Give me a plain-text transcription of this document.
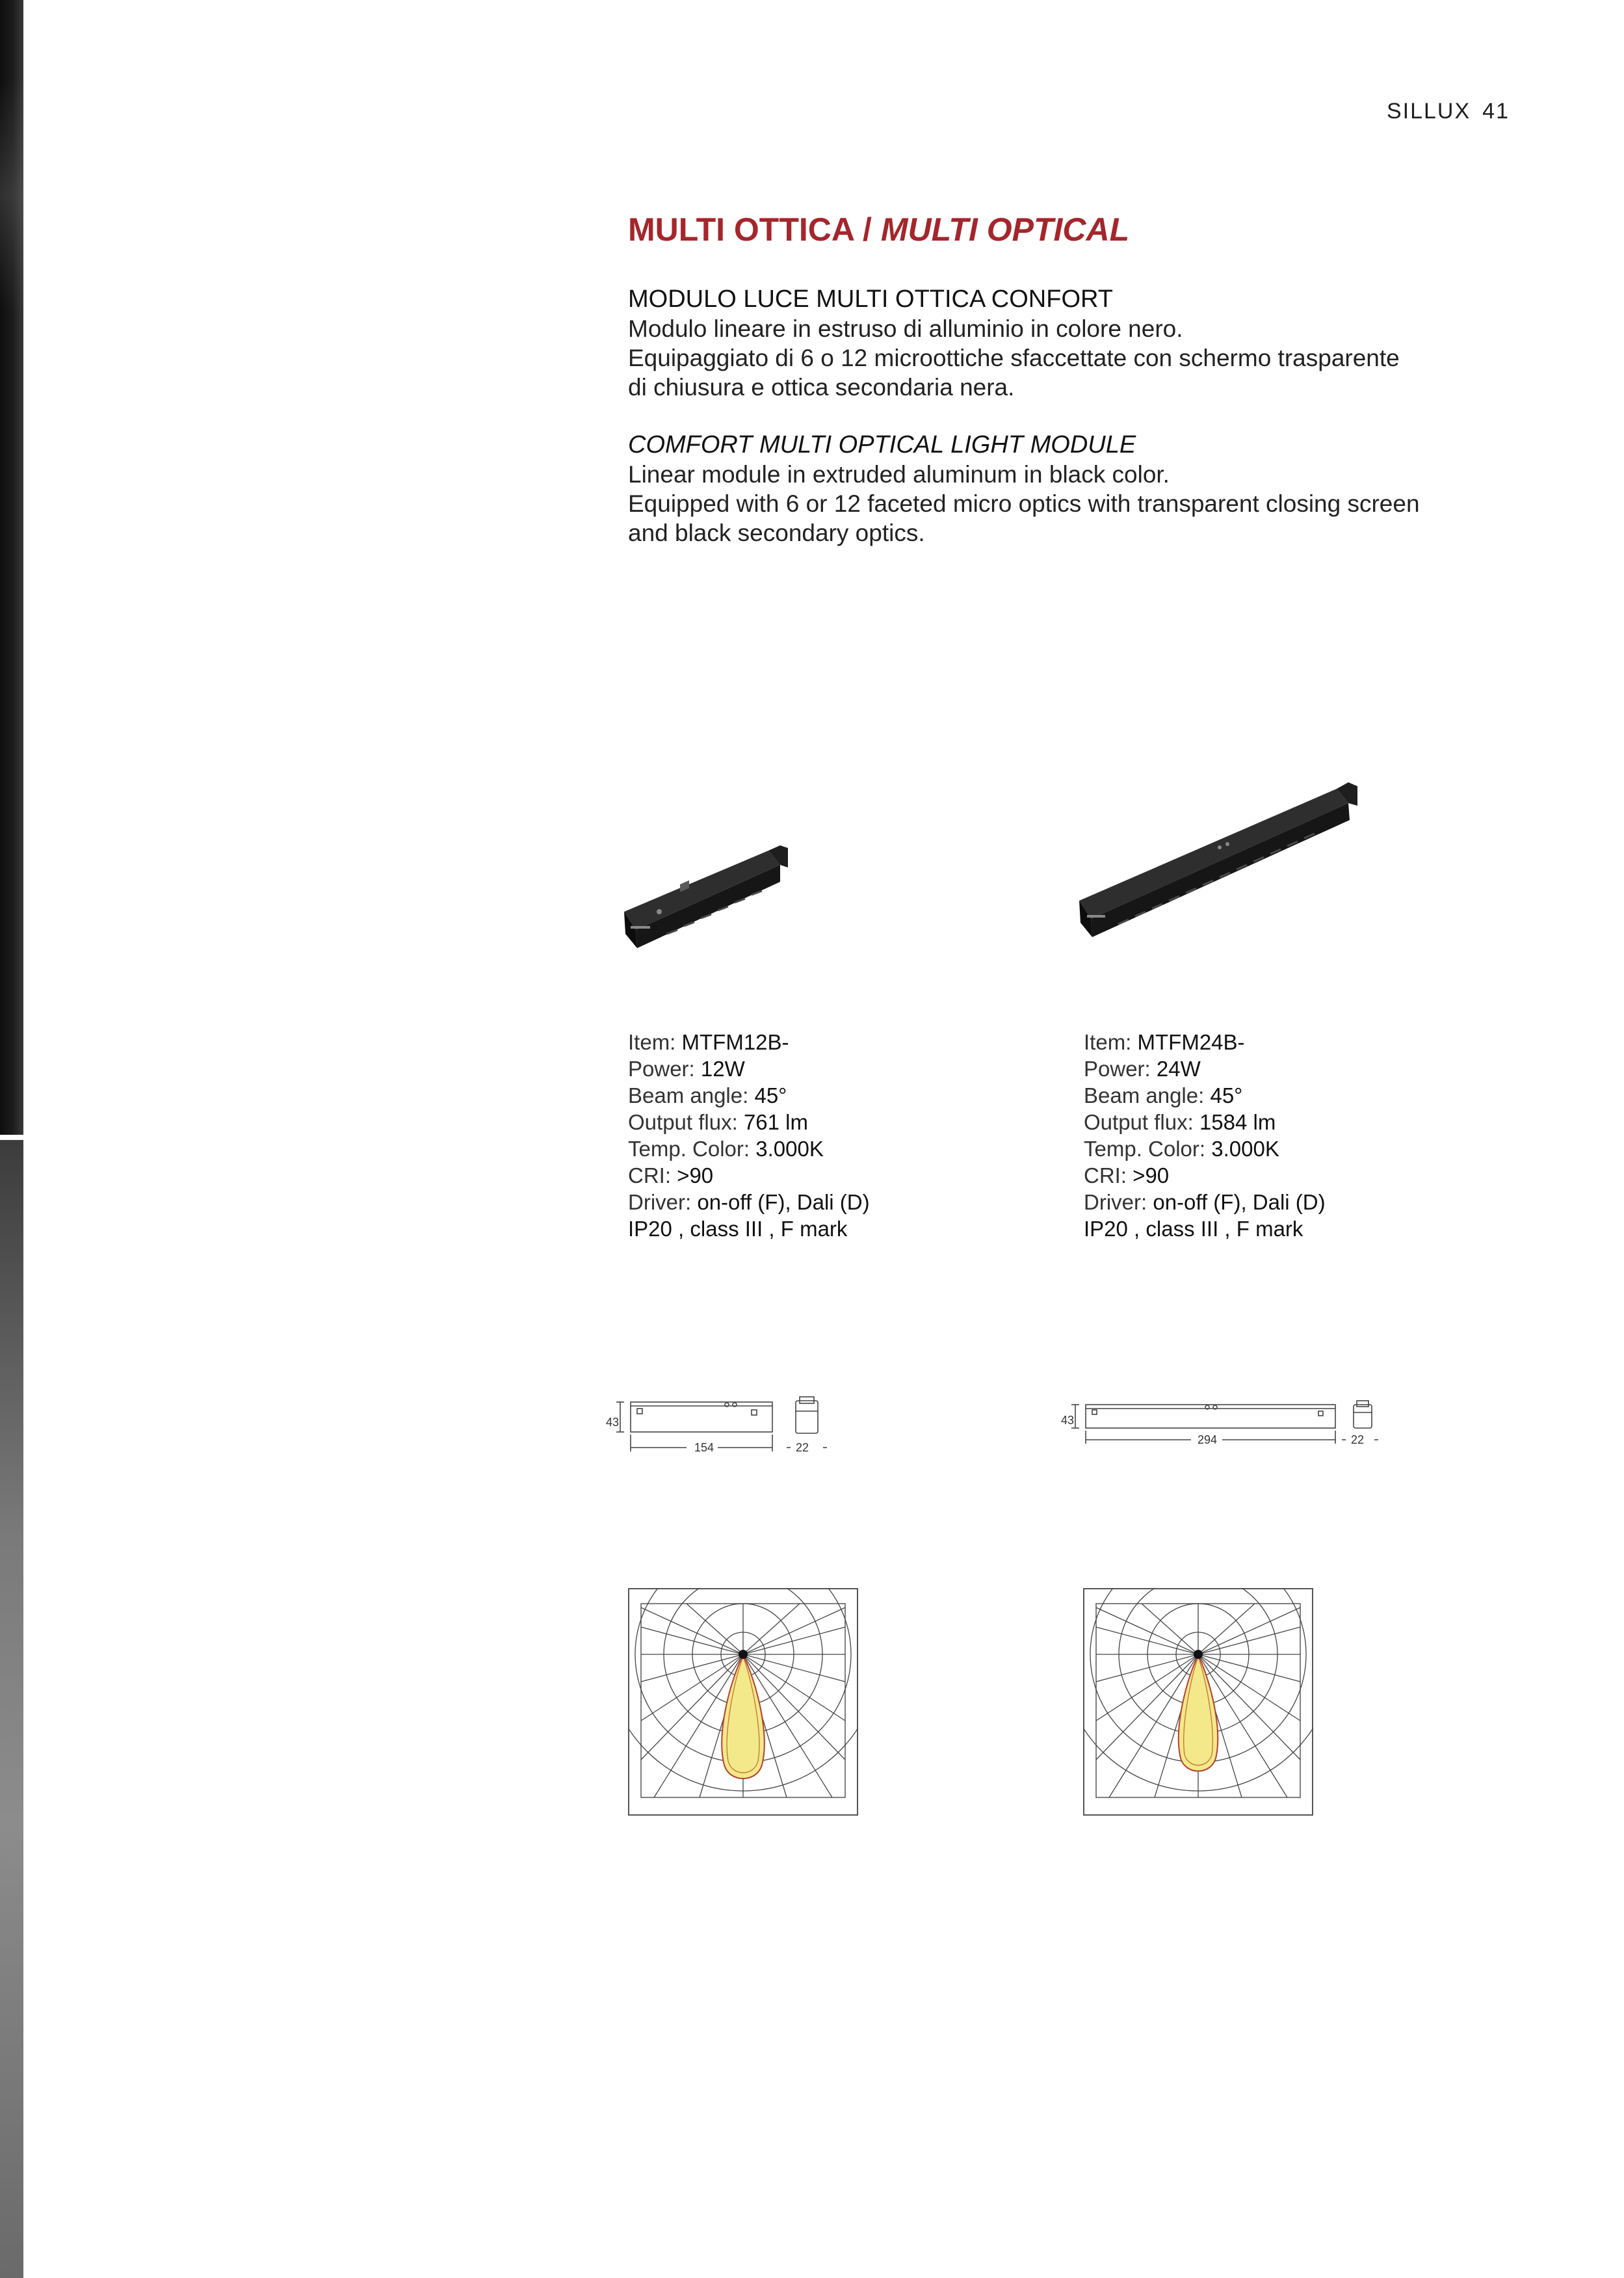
SILLUX 41
MULTI OTTICA / MULTI OPTICAL
MODULO LUCE MULTI OTTICA CONFORT
Modulo lineare in estruso di alluminio in colore nero.
Equipaggiato di 6 o 12 microottiche sfaccettate con schermo trasparente
di chiusura e ottica secondaria nera.
COMFORT MULTI OPTICAL LIGHT MODULE
Linear module in extruded aluminum in black color.
Equipped with 6 or 12 faceted micro optics with transparent closing screen
and black secondary optics.
Item: MTFM12B-
Power: 12W
Beam angle: 45°
Output flux: 761 lm
Temp. Color: 3.000K
CRI: >90
Driver: on-off (F), Dali (D)
IP20 , class III , F mark
Item: MTFM24B-
Power: 24W
Beam angle: 45°
Output flux: 1584 lm
Temp. Color: 3.000K
CRI: >90
Driver: on-off (F), Dali (D)
IP20 , class III , F mark
43
154	22
43
294	22
